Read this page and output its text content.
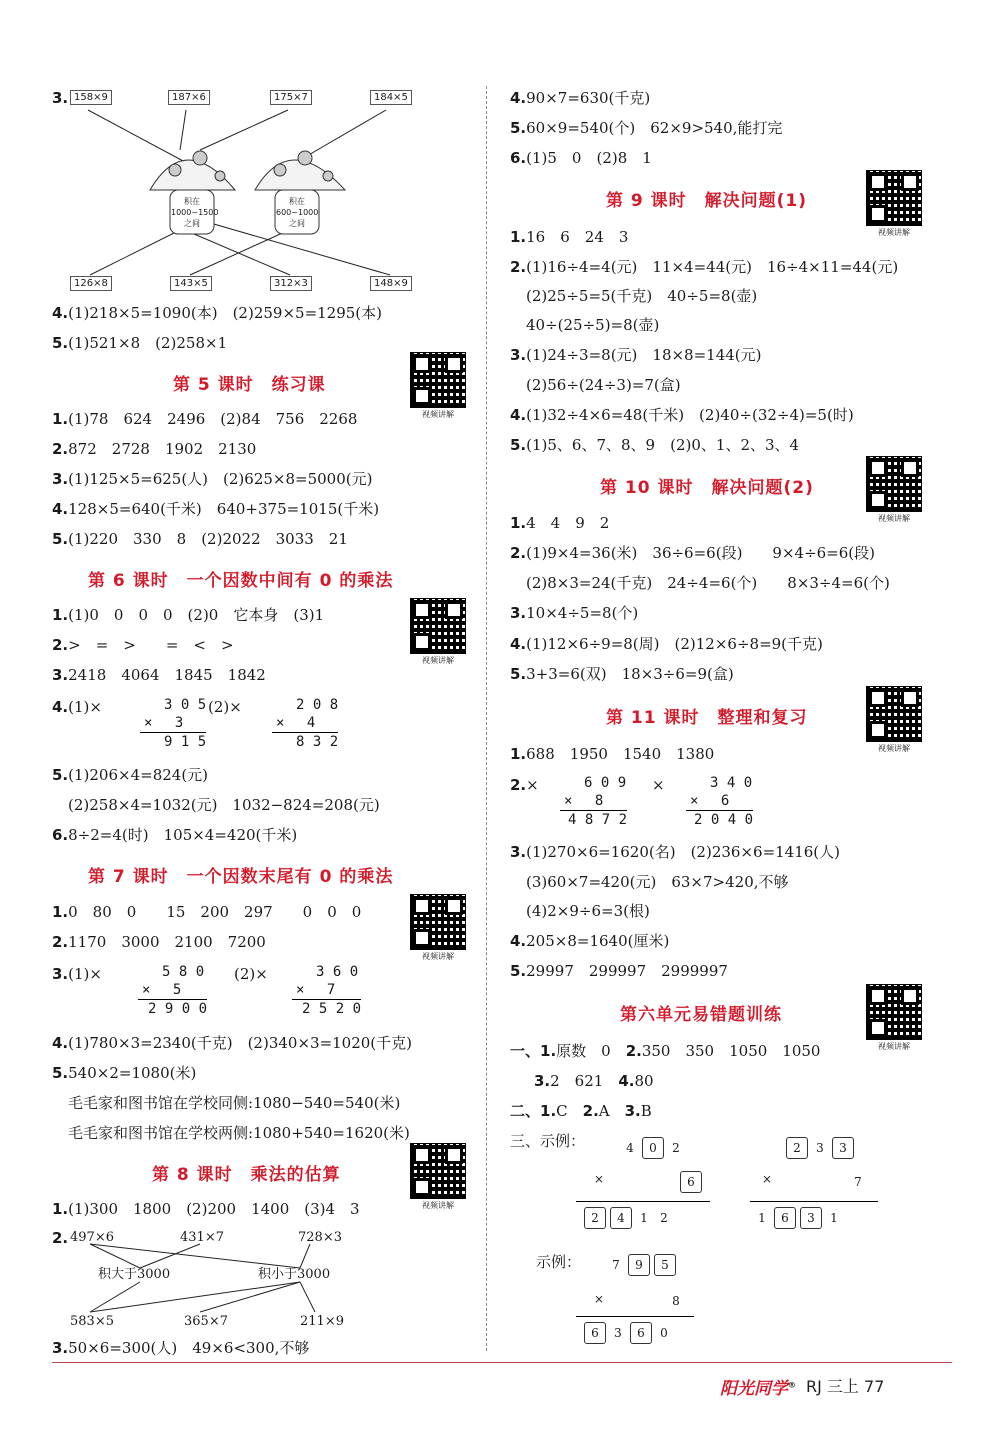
3. 158×9	187×6	175×7	184×5
积在1000~1500之间
积在600~1000之间
126×8	143×5	312×3	148×9
4.(1)218×5=1090(本)　(2)259×5=1295(本)
5.(1)521×8　(2)258×1
第 5 课时　练习课
视频讲解
1.(1)78　624　2496　(2)84　756　2268
2.872　2728　1902　2130
3.(1)125×5=625(人)　(2)625×8=5000(元)
4.128×5=640(千米)　640+375=1015(千米)
5.(1)220　330　8　(2)2022　3033　21
第 6 课时　一个因数中间有 0 的乘法
视频讲解
1.(1)0　0　0　0　(2)0　它本身　(3)1
2.>　=　>　　=　<　>
3.2418　4064　1845　1842
4.(1)×	3 0 5
×　 3
9 1 5
(2)×	2 0 8
×　 4
8 3 2
5.(1)206×4=824(元)
(2)258×4=1032(元)　1032−824=208(元)
6.8÷2=4(时)　105×4=420(千米)
第 7 课时　一个因数末尾有 0 的乘法
视频讲解
1.0　80　0　　15　200　297　　0　0　0
2.1170　3000　2100　7200
3.(1)×	5 8 0
×　 5
2 9 0 0
(2)×	3 6 0
×　 7
2 5 2 0
4.(1)780×3=2340(千克)　(2)340×3=1020(千克)
5.540×2=1080(米)
毛毛家和图书馆在学校同侧:1080−540=540(米)
毛毛家和图书馆在学校两侧:1080+540=1620(米)
第 8 课时　乘法的估算
视频讲解
1.(1)300　1800　(2)200　1400　(3)4　3
2. 497×6	431×7	728×3
积大于3000	积小于3000
583×5	365×7	211×9
3.50×6=300(人)　49×6<300,不够
4.90×7=630(千克)
5.60×9=540(个)　62×9>540,能打完
6.(1)5　0　(2)8　1
第 9 课时　解决问题(1)
视频讲解
1.16　6　24　3
2.(1)16÷4=4(元)　11×4=44(元)　16÷4×11=44(元)
(2)25÷5=5(千克)　40÷5=8(壶)
40÷(25÷5)=8(壶)
3.(1)24÷3=8(元)　18×8=144(元)
(2)56÷(24÷3)=7(盒)
4.(1)32÷4×6=48(千米)　(2)40÷(32÷4)=5(时)
5.(1)5、6、7、8、9　(2)0、1、2、3、4
第 10 课时　解决问题(2)
视频讲解
1.4　4　9　2
2.(1)9×4=36(米)　36÷6=6(段)　　9×4÷6=6(段)
(2)8×3=24(千克)　24÷4=6(个)　　8×3÷4=6(个)
3.10×4÷5=8(个)
4.(1)12×6÷9=8(周)　(2)12×6÷8=9(千克)
5.3+3=6(双)　18×3÷6=9(盒)
第 11 课时　整理和复习
视频讲解
1.688　1950　1540　1380
2.×	6 0 9
×　 8
4 8 7 2
×	3 4 0
×　 6
2 0 4 0
3.(1)270×6=1620(名)　(2)236×6=1416(人)
(3)60×7=420(元)　63×7>420,不够
(4)2×9÷6=3(根)
4.205×8=1640(厘米)
5.29997　299997　2999997
第六单元易错题训练
视频讲解
一、1.原数　0　2.350　350　1050　1050
3.2　621　4.80
二、1.C　2.A　3.B
三、示例：	4 0 2
×	6
2 4 1 2
2 3 3
×	7
1 6 3 1
示例：	7 9 5
×	8
6 3 6 0
阳光同学® RJ 三上 77
